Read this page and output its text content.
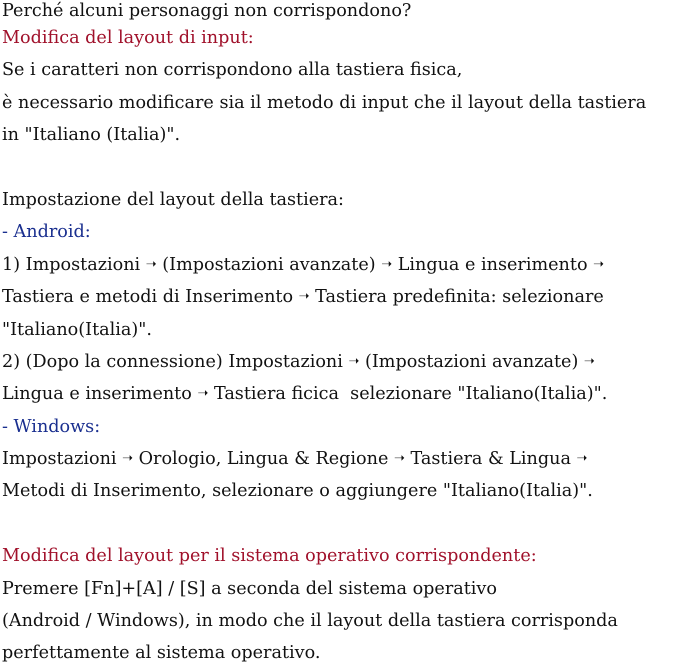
Perché alcuni personaggi non corrispondono?
Modifica del layout di input:
Se i caratteri non corrispondono alla tastiera fisica,
è necessario modificare sia il metodo di input che il layout della tastiera
in "Italiano (Italia)".
Impostazione del layout della tastiera:
- Android:
1) Impostazioni ➝ (Impostazioni avanzate) ➝ Lingua e inserimento ➝
Tastiera e metodi di Inserimento ➝ Tastiera predefinita: selezionare
"Italiano(Italia)".
2) (Dopo la connessione) Impostazioni ➝ (Impostazioni avanzate) ➝
Lingua e inserimento ➝ Tastiera ficica  selezionare "Italiano(Italia)".
- Windows:
Impostazioni ➝ Orologio, Lingua & Regione ➝ Tastiera & Lingua ➝
Metodi di Inserimento, selezionare o aggiungere "Italiano(Italia)".
Modifica del layout per il sistema operativo corrispondente:
Premere [Fn]+[A] / [S] a seconda del sistema operativo
(Android / Windows), in modo che il layout della tastiera corrisponda
perfettamente al sistema operativo.
